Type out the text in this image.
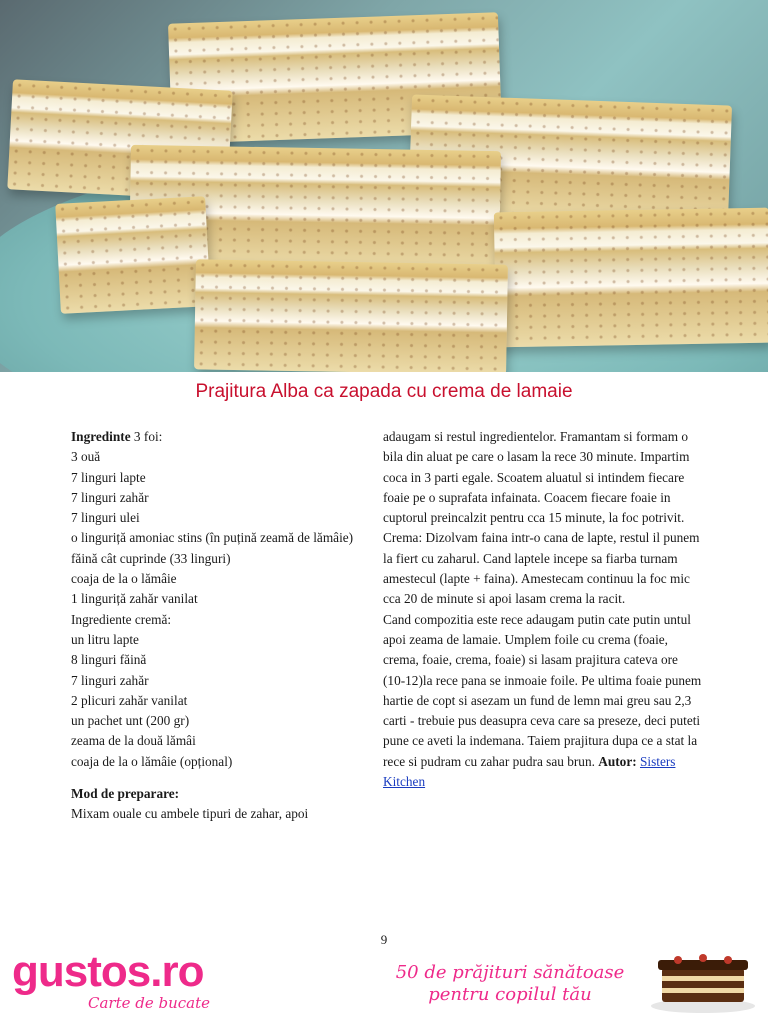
Prajitura Alba ca zapada cu crema de lamaie
Ingredinte 3 foi:
3 ouă
7 linguri lapte
7 linguri zahăr
7 linguri ulei
o linguriță amoniac stins (în puțină zeamă de lămâie)
făină cât cuprinde (33 linguri)
coaja de la o lămâie
1 linguriță zahăr vanilat
Ingrediente cremă:
un litru lapte
8 linguri făină
7 linguri zahăr
2 plicuri zahăr vanilat
un pachet unt (200 gr)
zeama de la două lămâi
coaja de la o lămâie (opțional)
Mod de preparare:
Mixam ouale cu ambele tipuri de zahar, apoi
adaugam si restul ingredientelor. Framantam si formam o bila din aluat pe care o lasam la rece 30 minute. Impartim coca in 3 parti egale. Scoatem aluatul si intindem fiecare foaie pe o suprafata infainata. Coacem fiecare foaie in cuptorul preincalzit pentru cca 15 minute, la foc potrivit. Crema: Dizolvam faina intr-o cana de lapte, restul il punem la fiert cu zaharul. Cand laptele incepe sa fiarba turnam amestecul (lapte + faina). Amestecam continuu la foc mic cca 20 de minute si apoi lasam crema la racit.
Cand compozitia este rece adaugam putin cate putin untul apoi zeama de lamaie. Umplem foile cu crema (foaie, crema, foaie, crema, foaie) si lasam prajitura cateva ore (10-12)la rece pana se inmoaie foile. Pe ultima foaie punem hartie de copt si asezam un fund de lemn mai greu sau 2,3 carti - trebuie pus deasupra ceva care sa preseze, deci puteti pune ce aveti la indemana. Taiem prajitura dupa ce a stat la rece si pudram cu zahar pudra sau brun. Autor: Sisters Kitchen
9
gustos.ro
Carte de bucate
50 de prăjituri sănătoase
pentru copilul tău
